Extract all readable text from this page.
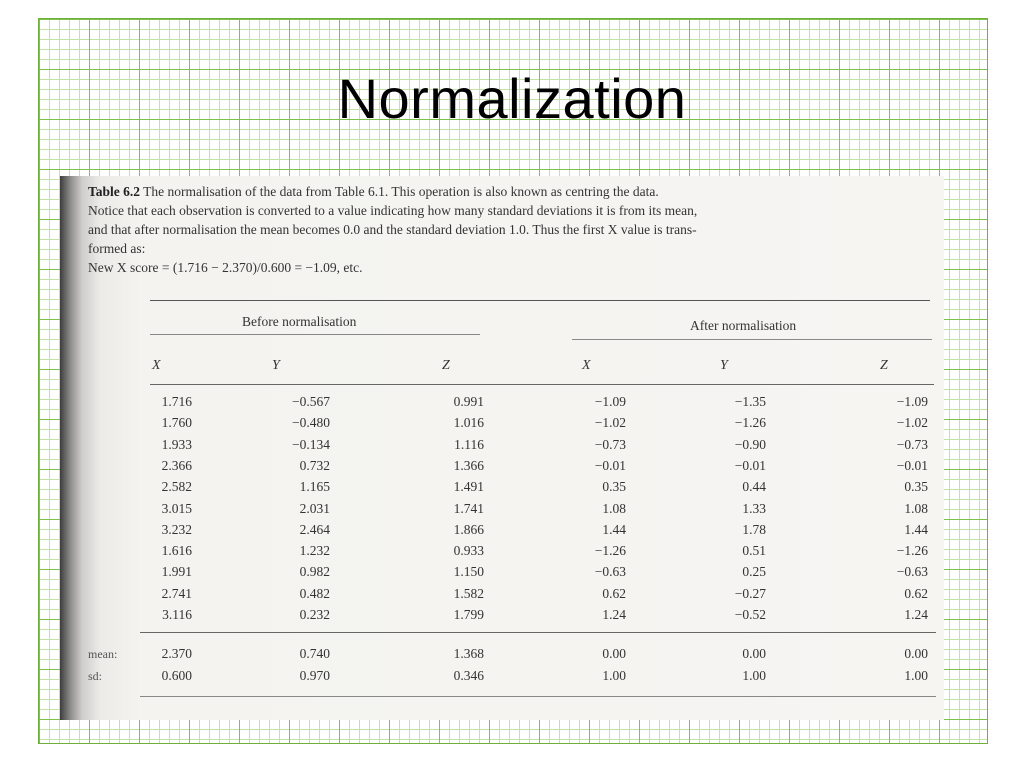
Normalization
Table 6.2 The normalisation of the data from Table 6.1. This operation is also known as centring the data.
Notice that each observation is converted to a value indicating how many standard deviations it is from its mean,
and that after normalisation the mean becomes 0.0 and the standard deviation 1.0. Thus the first X value is trans-
formed as:
New X score = (1.716 − 2.370)/0.600 = −1.09, etc.
Before normalisation	After normalisation
X	Y	Z	X	Y	Z
1.716	−0.567	0.991	−1.09	−1.35	−1.09
1.760	−0.480	1.016	−1.02	−1.26	−1.02
1.933	−0.134	1.116	−0.73	−0.90	−0.73
2.366	0.732	1.366	−0.01	−0.01	−0.01
2.582	1.165	1.491	0.35	0.44	0.35
3.015	2.031	1.741	1.08	1.33	1.08
3.232	2.464	1.866	1.44	1.78	1.44
1.616	1.232	0.933	−1.26	0.51	−1.26
1.991	0.982	1.150	−0.63	0.25	−0.63
2.741	0.482	1.582	0.62	−0.27	0.62
3.116	0.232	1.799	1.24	−0.52	1.24
mean:	2.370	0.740	1.368	0.00	0.00	0.00
sd:	0.600	0.970	0.346	1.00	1.00	1.00
